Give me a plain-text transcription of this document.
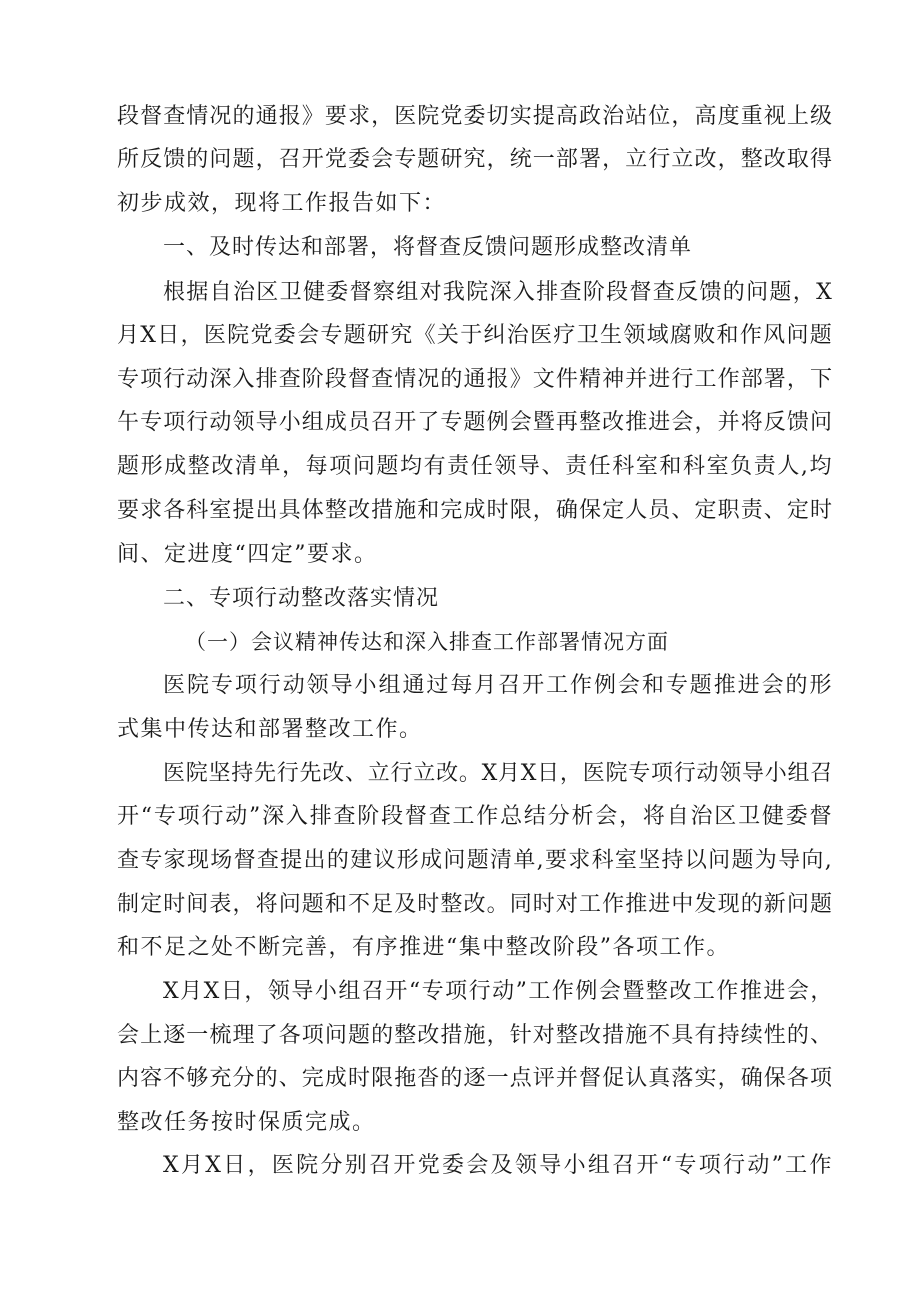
段督查情况的通报》要求，医院党委切实提高政治站位，高度重视上级
所反馈的问题，召开党委会专题研究，统一部署，立行立改，整改取得
初步成效，现将工作报告如下：
一、及时传达和部署，将督查反馈问题形成整改清单
根据自治区卫健委督察组对我院深入排查阶段督查反馈的问题，X
月X日，医院党委会专题研究《关于纠治医疗卫生领域腐败和作风问题
专项行动深入排查阶段督查情况的通报》文件精神并进行工作部署，下
午专项行动领导小组成员召开了专题例会暨再整改推进会，并将反馈问
题形成整改清单，每项问题均有责任领导、责任科室和科室负责人,均
要求各科室提出具体整改措施和完成时限，确保定人员、定职责、定时
间、定进度“四定”要求。
二、专项行动整改落实情况
（一）会议精神传达和深入排查工作部署情况方面
医院专项行动领导小组通过每月召开工作例会和专题推进会的形
式集中传达和部署整改工作。
医院坚持先行先改、立行立改。X月X日，医院专项行动领导小组召
开“专项行动”深入排查阶段督查工作总结分析会，将自治区卫健委督
查专家现场督查提出的建议形成问题清单,要求科室坚持以问题为导向,
制定时间表，将问题和不足及时整改。同时对工作推进中发现的新问题
和不足之处不断完善，有序推进“集中整改阶段”各项工作。
X月X日，领导小组召开“专项行动”工作例会暨整改工作推进会，
会上逐一梳理了各项问题的整改措施，针对整改措施不具有持续性的、
内容不够充分的、完成时限拖沓的逐一点评并督促认真落实，确保各项
整改任务按时保质完成。
X月X日，医院分别召开党委会及领导小组召开“专项行动”工作
